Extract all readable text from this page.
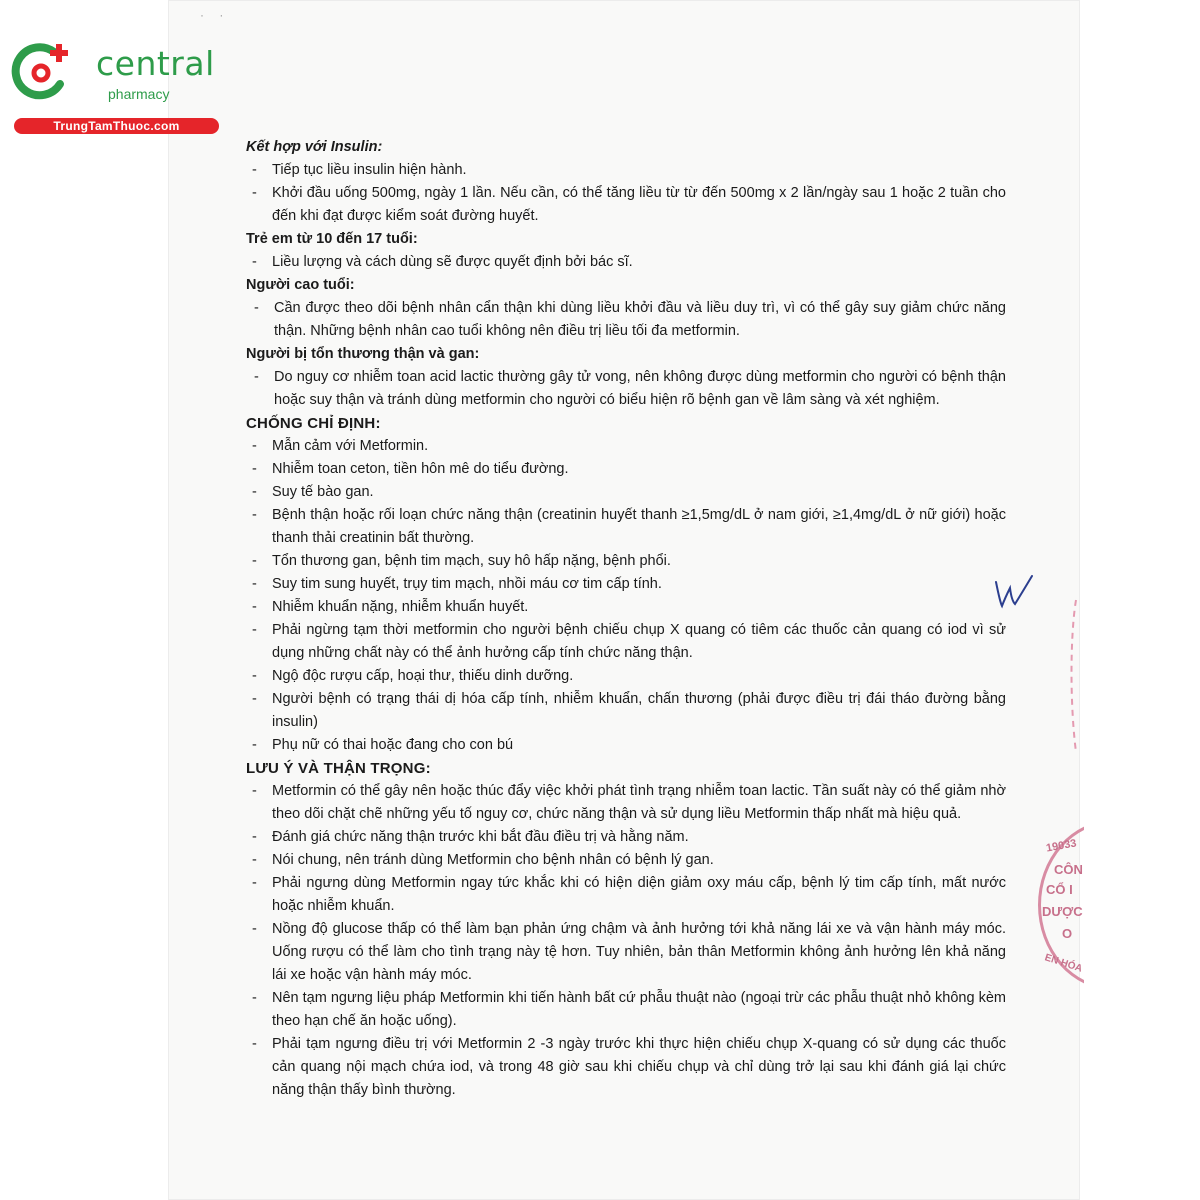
· ·
central
pharmacy
TrungTamThuoc.com
Kết hợp với Insulin:
- Tiếp tục liều insulin hiện hành.
- Khởi đầu uống 500mg, ngày 1 lần. Nếu cần, có thể tăng liều từ từ đến 500mg x 2 lần/ngày sau 1 hoặc 2 tuần cho đến khi đạt được kiểm soát đường huyết.
Trẻ em từ 10 đến 17 tuổi:
- Liều lượng và cách dùng sẽ được quyết định bởi bác sĩ.
Người cao tuổi:
- Cần được theo dõi bệnh nhân cẩn thận khi dùng liều khởi đầu và liều duy trì, vì có thể gây suy giảm chức năng thận. Những bệnh nhân cao tuổi không nên điều trị liều tối đa metformin.
Người bị tổn thương thận và gan:
- Do nguy cơ nhiễm toan acid lactic thường gây tử vong, nên không được dùng metformin cho người có bệnh thận hoặc suy thận và tránh dùng metformin cho người có biểu hiện rõ bệnh gan về lâm sàng và xét nghiệm.
CHỐNG CHỈ ĐỊNH:
- Mẫn cảm với Metformin.
- Nhiễm toan ceton, tiền hôn mê do tiểu đường.
- Suy tế bào gan.
- Bệnh thận hoặc rối loạn chức năng thận (creatinin huyết thanh ≥1,5mg/dL ở nam giới, ≥1,4mg/dL ở nữ giới) hoặc thanh thải creatinin bất thường.
- Tổn thương gan, bệnh tim mạch, suy hô hấp nặng, bệnh phổi.
- Suy tim sung huyết, trụy tim mạch, nhồi máu cơ tim cấp tính.
- Nhiễm khuẩn nặng, nhiễm khuẩn huyết.
- Phải ngừng tạm thời metformin cho người bệnh chiếu chụp X quang có tiêm các thuốc cản quang có iod vì sử dụng những chất này có thể ảnh hưởng cấp tính chức năng thận.
- Ngộ độc rượu cấp, hoại thư, thiếu dinh dưỡng.
- Người bệnh có trạng thái dị hóa cấp tính, nhiễm khuẩn, chấn thương (phải được điều trị đái tháo đường bằng insulin)
- Phụ nữ có thai hoặc đang cho con bú
LƯU Ý VÀ THẬN TRỌNG:
- Metformin có thể gây nên hoặc thúc đẩy việc khởi phát tình trạng nhiễm toan lactic. Tần suất này có thể giảm nhờ theo dõi chặt chẽ những yếu tố nguy cơ, chức năng thận và sử dụng liều Metformin thấp nhất mà hiệu quả.
- Đánh giá chức năng thận trước khi bắt đầu điều trị và hằng năm.
- Nói chung, nên tránh dùng Metformin cho bệnh nhân có bệnh lý gan.
- Phải ngưng dùng Metformin ngay tức khắc khi có hiện diện giảm oxy máu cấp, bệnh lý tim cấp tính, mất nước hoặc nhiễm khuẩn.
- Nồng độ glucose thấp có thể làm bạn phản ứng chậm và ảnh hưởng tới khả năng lái xe và vận hành máy móc. Uống rượu có thể làm cho tình trạng này tệ hơn. Tuy nhiên, bản thân Metformin không ảnh hưởng lên khả năng lái xe hoặc vận hành máy móc.
- Nên tạm ngưng liệu pháp Metformin khi tiến hành bất cứ phẫu thuật nào (ngoại trừ các phẫu thuật nhỏ không kèm theo hạn chế ăn hoặc uống).
- Phải tạm ngưng điều trị với Metformin 2 -3 ngày trước khi thực hiện chiếu chụp X-quang có sử dụng các thuốc cản quang nội mạch chứa iod, và trong 48 giờ sau khi chiếu chụp và chỉ dùng trở lại sau khi đánh giá lại chức năng thận thấy bình thường.
19033
CÔN
CỔ I
DƯỢC
O
EN HÓA
